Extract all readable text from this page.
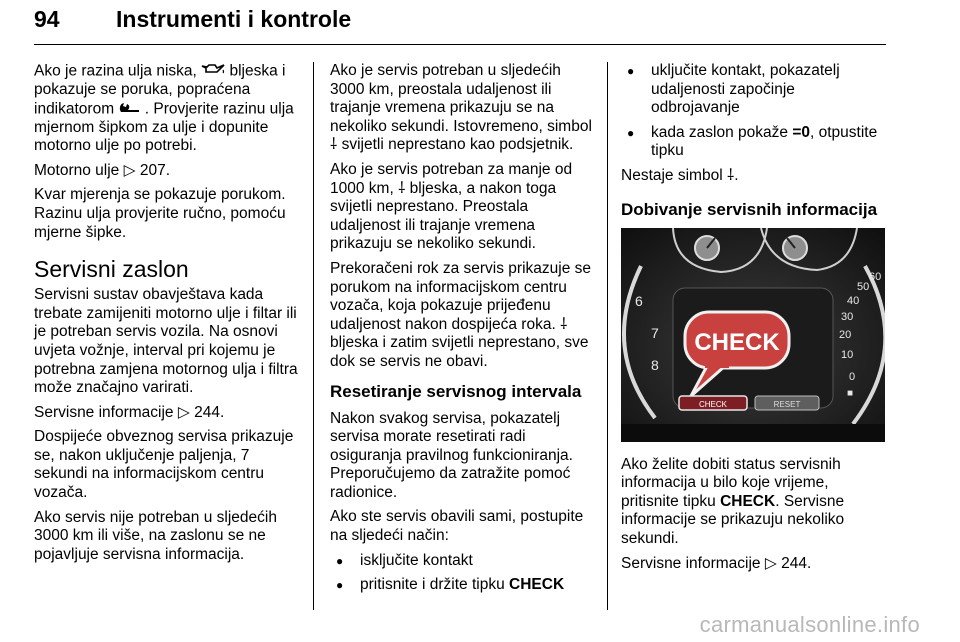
94 Instrumenti i kontrole

Ako je razina ulja niska, bljeska i pokazuje se poruka, popraćena indikatorom . Provjerite razinu ulja mjernom šipkom za ulje i dopunite motorno ulje po potrebi.

Motorno ulje ▷ 207.

Kvar mjerenja se pokazuje porukom. Razinu ulja provjerite ručno, pomoću mjerne šipke.

Servisni zaslon

Servisni sustav obavještava kada trebate zamijeniti motorno ulje i filtar ili je potreban servis vozila. Na osnovi uvjeta vožnje, interval pri kojemu je potrebna zamjena motornog ulja i filtra može značajno varirati.

Servisne informacije ▷ 244.

Dospijeće obveznog servisa prikazuje se, nakon uključenje paljenja, 7 sekundi na informacijskom centru vozača.

Ako servis nije potreban u sljedećih 3000 km ili više, na zaslonu se ne pojavljuje servisna informacija.

Ako je servis potreban u sljedećih 3000 km, preostala udaljenost ili trajanje vremena prikazuju se na nekoliko sekundi. Istovremeno, simbol ⸸ svijetli neprestano kao podsjetnik.

Ako je servis potreban za manje od 1000 km, ⸸ bljeska, a nakon toga svijetli neprestano. Preostala udaljenost ili trajanje vremena prikazuju se nekoliko sekundi.

Prekoračeni rok za servis prikazuje se porukom na informacijskom centru vozača, koja pokazuje prijeđenu udaljenost nakon dospijeća roka. ⸸ bljeska i zatim svijetli neprestano, sve dok se servis ne obavi.

Resetiranje servisnog intervala

Nakon svakog servisa, pokazatelj servisa morate resetirati radi osiguranja pravilnog funkcioniranja. Preporučujemo da zatražite pomoć radionice.

Ako ste servis obavili sami, postupite na sljedeći način:

● isključite kontakt
● pritisnite i držite tipku CHECK
● uključite kontakt, pokazatelj udaljenosti započinje odbrojavanje
● kada zaslon pokaže =0, otpustite tipku

Nestaje simbol ⸸.

Dobivanje servisnih informacija
6
7
8
60
50
40
30
20
10
0
■
CHECK
CHECK	RESET

Ako želite dobiti status servisnih informacija u bilo koje vrijeme, pritisnite tipku CHECK. Servisne informacije se prikazuju nekoliko sekundi.

Servisne informacije ▷ 244.

carmanualsonline.info
